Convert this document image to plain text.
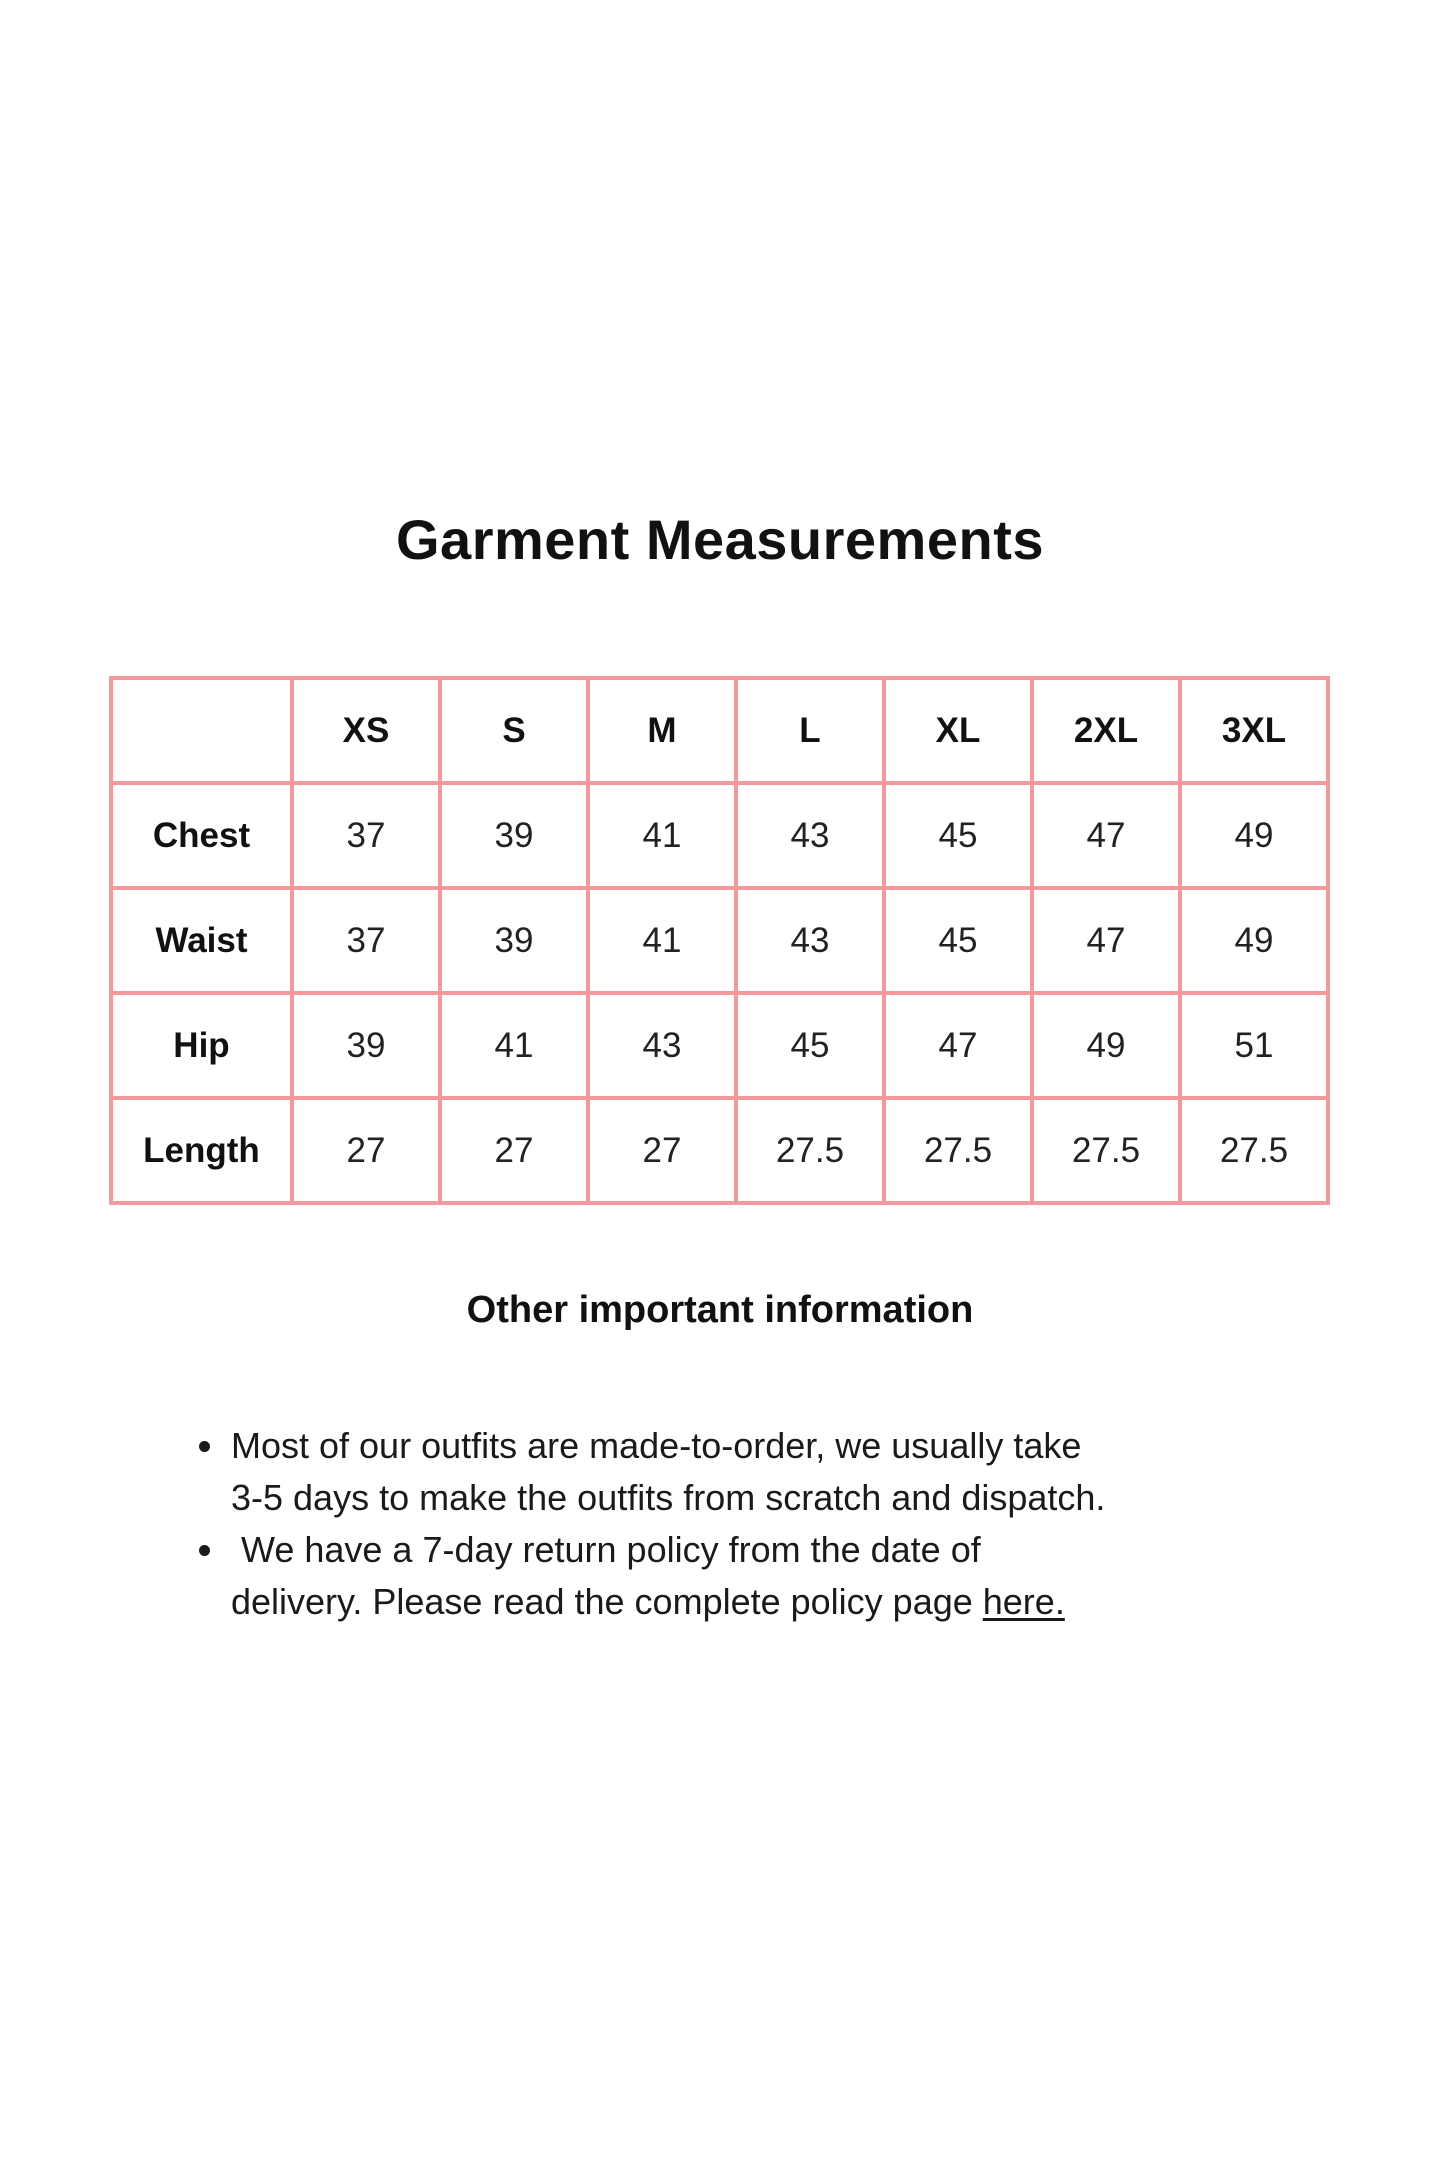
Garment Measurements
	XS	S	M	L	XL	2XL	3XL
Chest	37	39	41	43	45	47	49
Waist	37	39	41	43	45	47	49
Hip	39	41	43	45	47	49	51
Length	27	27	27	27.5	27.5	27.5	27.5
Other important information
Most of our outfits are made-to-order, we usually take
3-5 days to make the outfits from scratch and dispatch.
We have a 7-day return policy from the date of
delivery. Please read the complete policy page here.
